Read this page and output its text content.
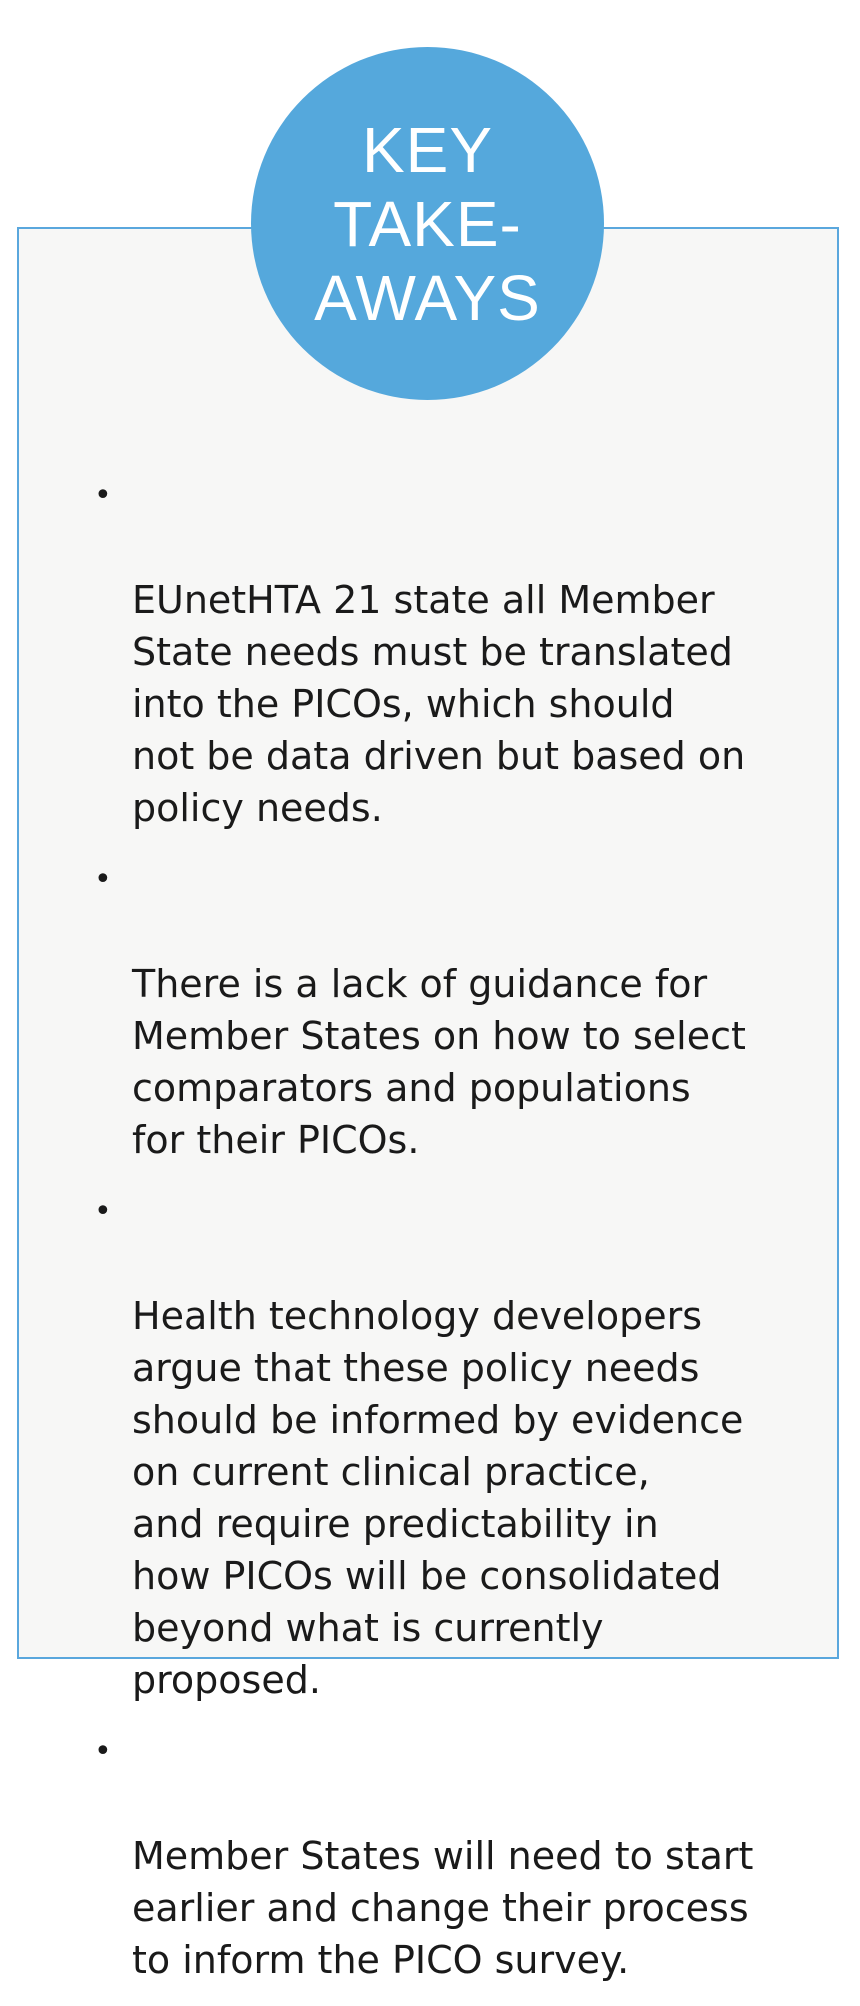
KEY
TAKE-
AWAYS

•

EUnetHTA 21 state all Member
State needs must be translated
into the PICOs, which should
not be data driven but based on
policy needs.

•

There is a lack of guidance for
Member States on how to select
comparators and populations
for their PICOs.

•

Health technology developers
argue that these policy needs
should be informed by evidence
on current clinical practice,
and require predictability in
how PICOs will be consolidated
beyond what is currently
proposed.

•

Member States will need to start
earlier and change their process
to inform the PICO survey.
